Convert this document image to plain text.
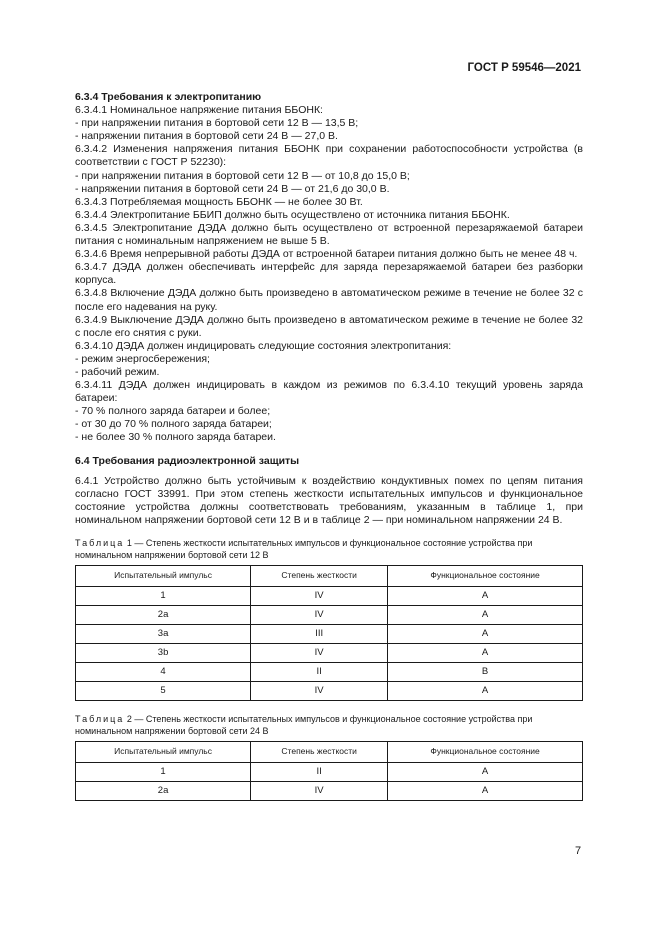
ГОСТ Р 59546—2021

6.3.4 Требования к электропитанию

6.3.4.1 Номинальное напряжение питания ББОНК:

- при напряжении питания в бортовой сети 12 В — 13,5 В;

- напряжении питания в бортовой сети 24 В — 27,0 В.

6.3.4.2 Изменения напряжения питания ББОНК при сохранении работоспособности устройства (в соответствии с ГОСТ Р 52230):

- при напряжении питания в бортовой сети 12 В — от 10,8 до 15,0 В;

- напряжении питания в бортовой сети 24 В — от 21,6 до 30,0 В.

6.3.4.3 Потребляемая мощность ББОНК — не более 30 Вт.

6.3.4.4 Электропитание ББИП должно быть осуществлено от источника питания ББОНК.

6.3.4.5 Электропитание ДЭДА должно быть осуществлено от встроенной перезаряжаемой батареи питания с номинальным напряжением не выше 5 В.

6.3.4.6 Время непрерывной работы ДЭДА от встроенной батареи питания должно быть не менее 48 ч.

6.3.4.7 ДЭДА должен обеспечивать интерфейс для заряда перезаряжаемой батареи без разборки корпуса.

6.3.4.8 Включение ДЭДА должно быть произведено в автоматическом режиме в течение не более 32 с после его надевания на руку.

6.3.4.9 Выключение ДЭДА должно быть произведено в автоматическом режиме в течение не более 32 с после его снятия с руки.

6.3.4.10 ДЭДА должен индицировать следующие состояния электропитания:

- режим энергосбережения;

- рабочий режим.

6.3.4.11 ДЭДА должен индицировать в каждом из режимов по 6.3.4.10 текущий уровень заряда батареи:

- 70 % полного заряда батареи и более;

- от 30 до 70 % полного заряда батареи;

- не более 30 % полного заряда батареи.

6.4 Требования радиоэлектронной защиты

6.4.1 Устройство должно быть устойчивым к воздействию кондуктивных помех по цепям питания согласно ГОСТ 33991. При этом степень жесткости испытательных импульсов и функциональное состояние устройства должны соответствовать требованиям, указанным в таблице 1, при номинальном напряжении бортовой сети 12 В и в таблице 2 — при номинальном напряжении 24 В.

Таблица 1 — Степень жесткости испытательных импульсов и функциональное состояние устройства при номинальном напряжении бортовой сети 12 В

Испытательный импульс	Степень жесткости	Функциональное состояние
1	IV	A
2a	IV	A
3a	III	A
3b	IV	A
4	II	B
5	IV	A

Таблица 2 — Степень жесткости испытательных импульсов и функциональное состояние устройства при номинальном напряжении бортовой сети 24 В

Испытательный импульс	Степень жесткости	Функциональное состояние
1	II	A
2a	IV	A
7
